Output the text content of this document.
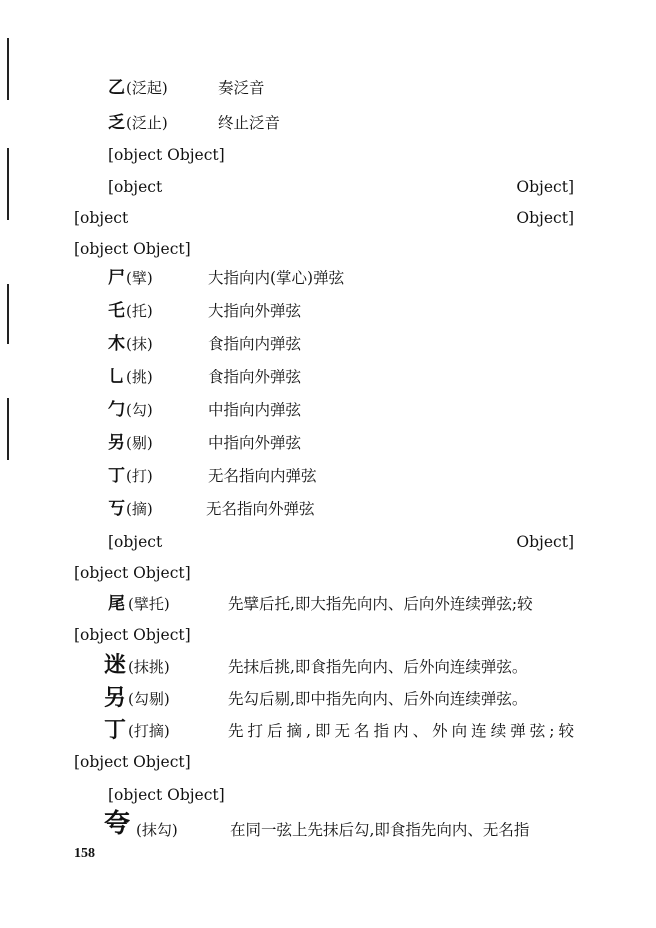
乙 (泛起)	奏泛音
乏 (泛止)	终止泛音
[object Object]
[object Object]
[object Object]
[object Object]
尸 (擘)	大指向内(掌心)弹弦
乇 (托)	大指向外弹弦
木 (抹)	食指向内弹弦
乚 (挑)	食指向外弹弦
勹 (勾)	中指向内弹弦
另 (剔)	中指向外弹弦
丁 (打)	无名指向内弹弦
丂 (摘)	无名指向外弹弦
[object Object]
[object Object]
尾 (擘托)	先擘后托,即大指先向内、后向外连续弹弦;较
[object Object]
迷 (抹挑)	先抹后挑,即食指先向内、后外向连续弹弦。
另 (勾剔)	先勾后剔,即中指先向内、后外向连续弹弦。
丁 (打摘)	先打后摘,即无名指内、外向连续弹弦;较
[object Object]
[object Object]
夸 (抹勾)	在同一弦上先抹后勾,即食指先向内、无名指
158
